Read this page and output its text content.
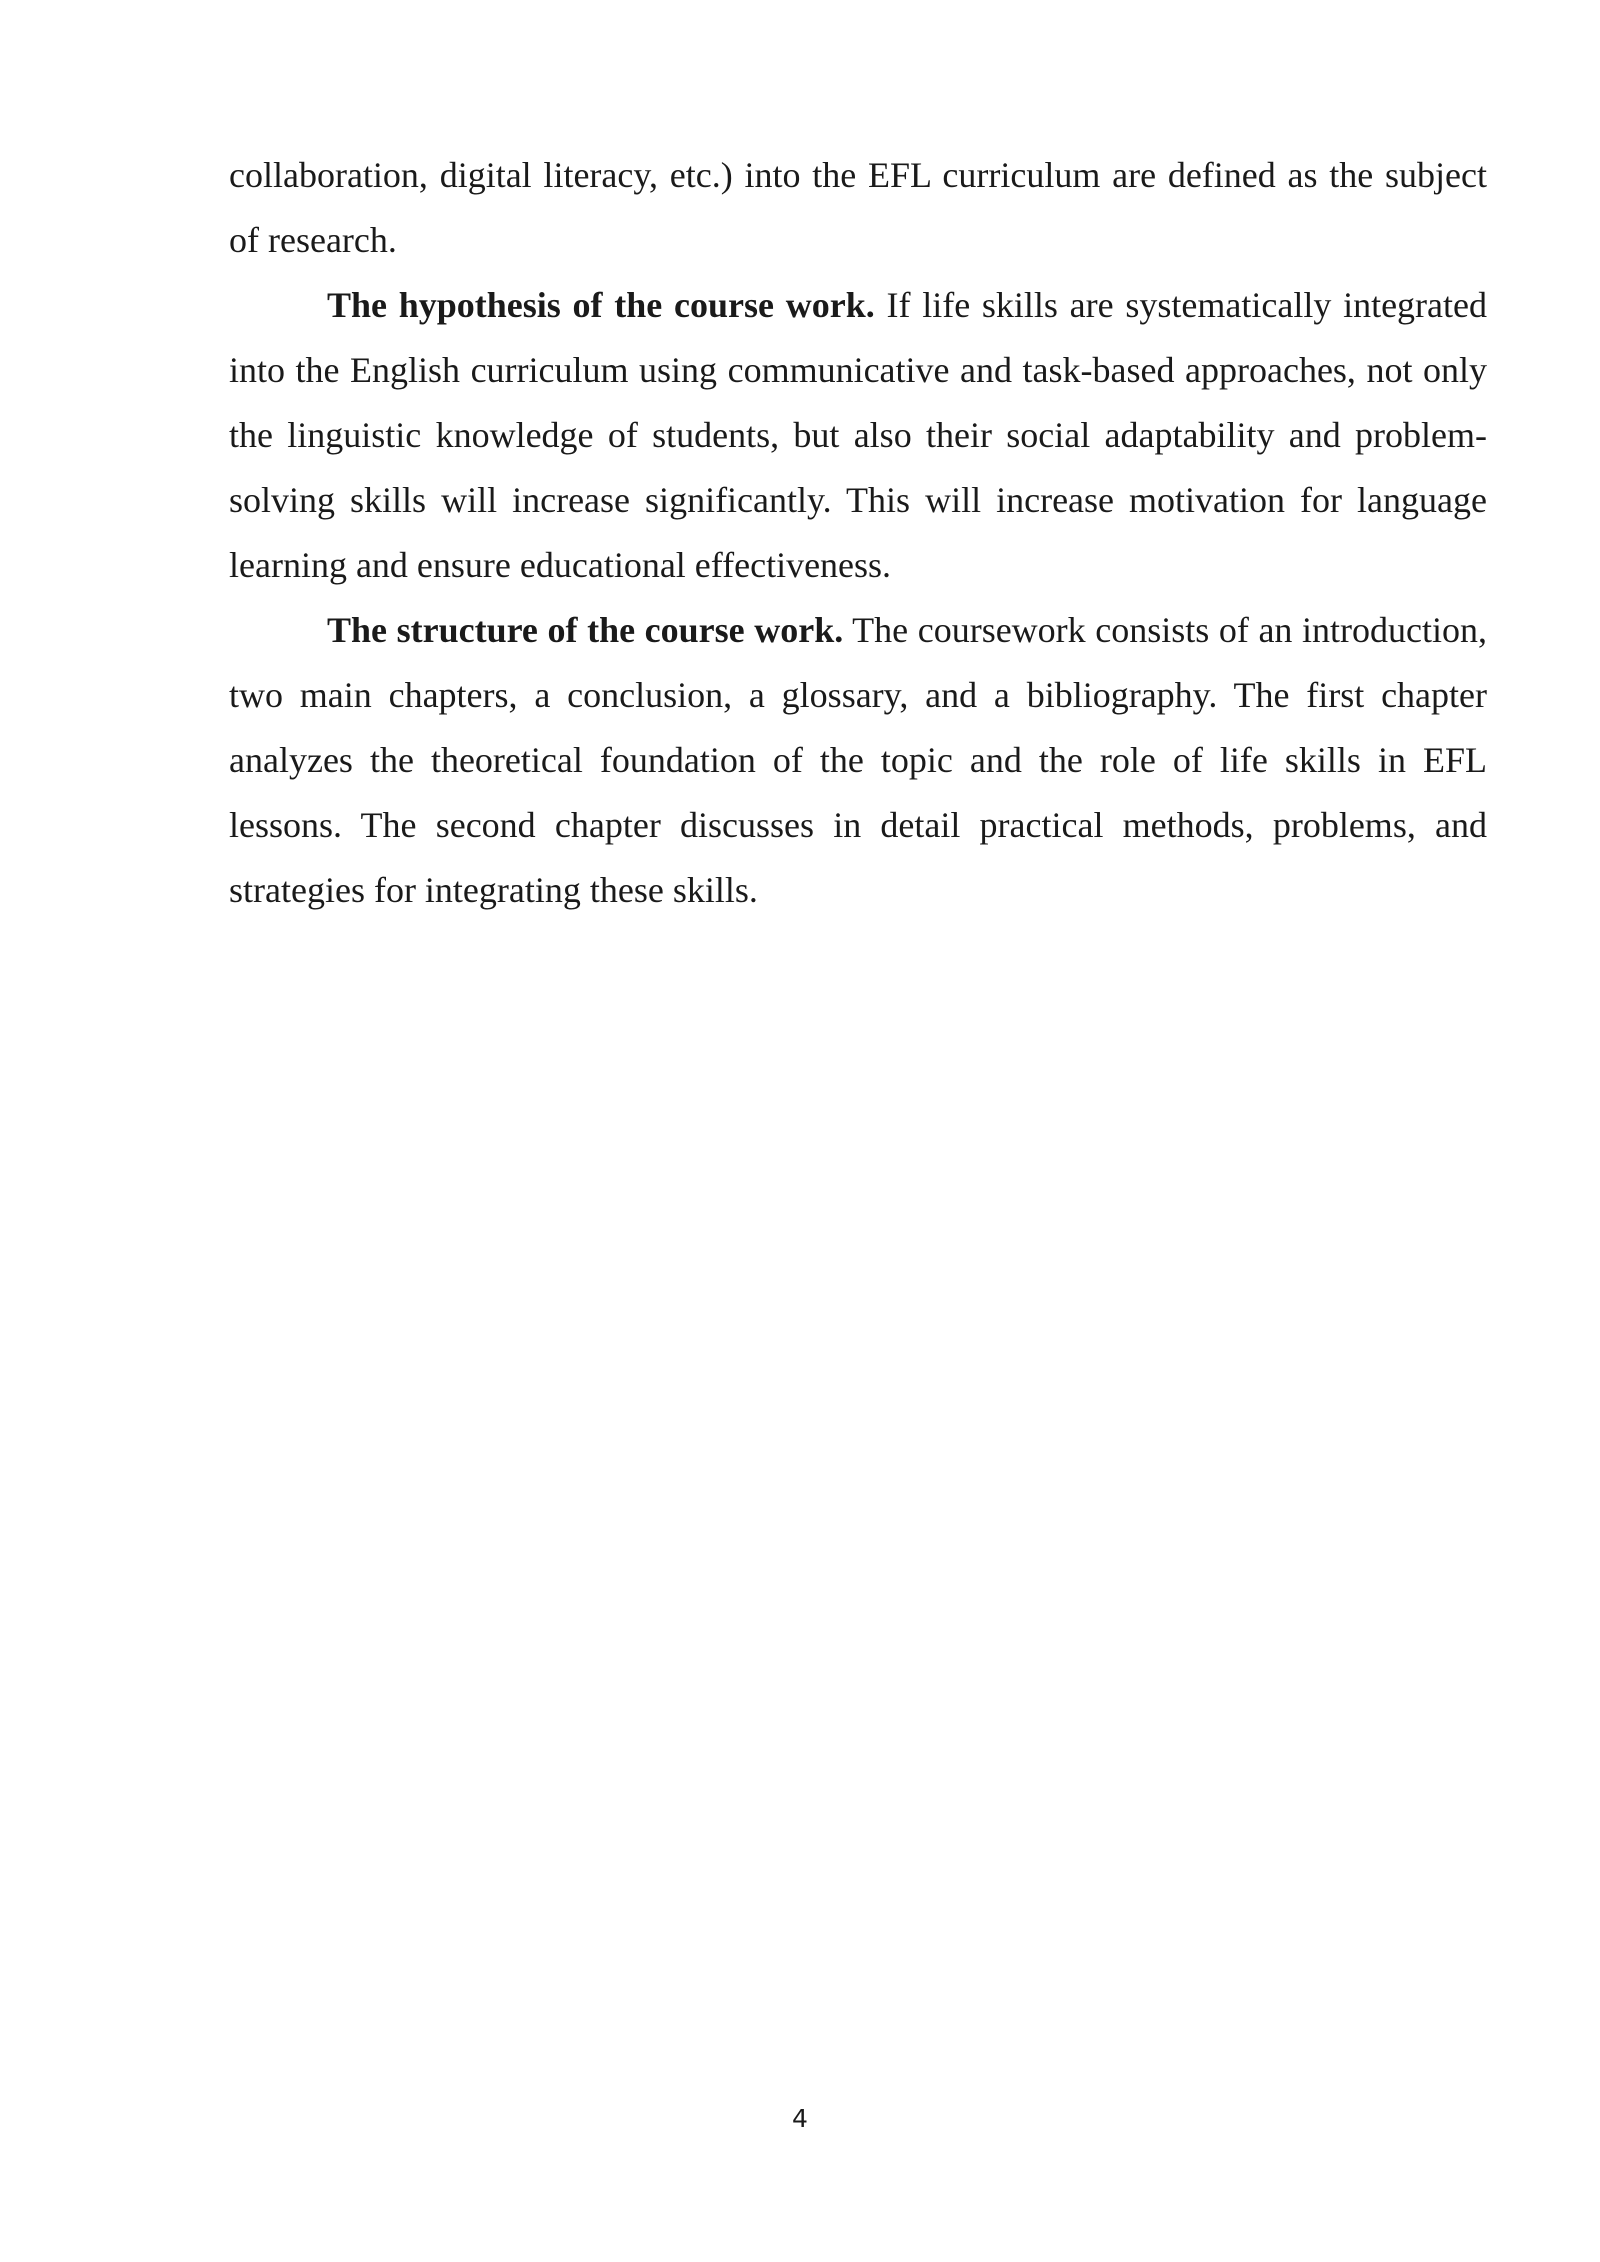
collaboration, digital literacy, etc.) into the EFL curriculum are defined as the subject of research.

The hypothesis of the course work. If life skills are systematically integrated into the English curriculum using communicative and task-based approaches, not only the linguistic knowledge of students, but also their social adaptability and problem-solving skills will increase significantly. This will increase motivation for language learning and ensure educational effectiveness.

The structure of the course work. The coursework consists of an introduction, two main chapters, a conclusion, a glossary, and a bibliography. The first chapter analyzes the theoretical foundation of the topic and the role of life skills in EFL lessons. The second chapter discusses in detail practical methods, problems, and strategies for integrating these skills.

4
